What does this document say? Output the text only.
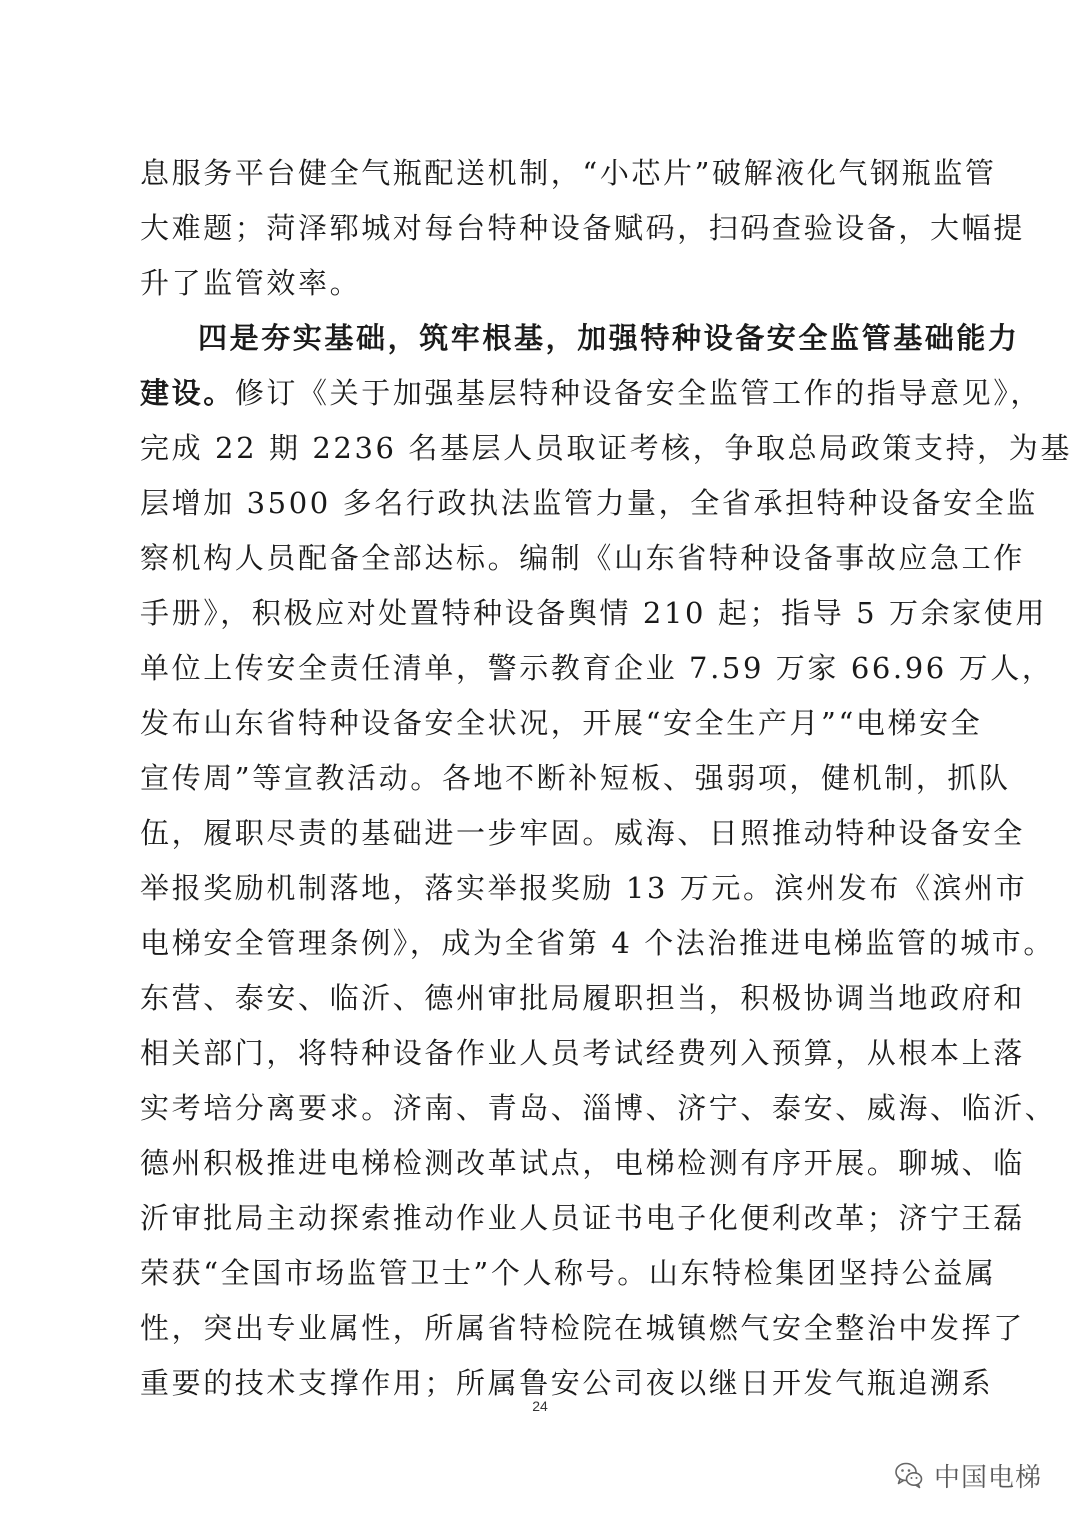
息服务平台健全气瓶配送机制，“小芯片”破解液化气钢瓶监管
大难题；菏泽郓城对每台特种设备赋码，扫码查验设备，大幅提
升了监管效率。
四是夯实基础，筑牢根基，加强特种设备安全监管基础能力
建设。修订《关于加强基层特种设备安全监管工作的指导意见》，
完成 22 期 2236 名基层人员取证考核，争取总局政策支持，为基
层增加 3500 多名行政执法监管力量，全省承担特种设备安全监
察机构人员配备全部达标。编制《山东省特种设备事故应急工作
手册》，积极应对处置特种设备舆情 210 起；指导 5 万余家使用
单位上传安全责任清单，警示教育企业 7.59 万家 66.96 万人，
发布山东省特种设备安全状况，开展“安全生产月”“电梯安全
宣传周”等宣教活动。各地不断补短板、强弱项，健机制，抓队
伍，履职尽责的基础进一步牢固。威海、日照推动特种设备安全
举报奖励机制落地，落实举报奖励 13 万元。滨州发布《滨州市
电梯安全管理条例》，成为全省第 4 个法治推进电梯监管的城市。
东营、泰安、临沂、德州审批局履职担当，积极协调当地政府和
相关部门，将特种设备作业人员考试经费列入预算，从根本上落
实考培分离要求。济南、青岛、淄博、济宁、泰安、威海、临沂、
德州积极推进电梯检测改革试点，电梯检测有序开展。聊城、临
沂审批局主动探索推动作业人员证书电子化便利改革；济宁王磊
荣获“全国市场监管卫士”个人称号。山东特检集团坚持公益属
性，突出专业属性，所属省特检院在城镇燃气安全整治中发挥了
重要的技术支撑作用；所属鲁安公司夜以继日开发气瓶追溯系
24
中国电梯
